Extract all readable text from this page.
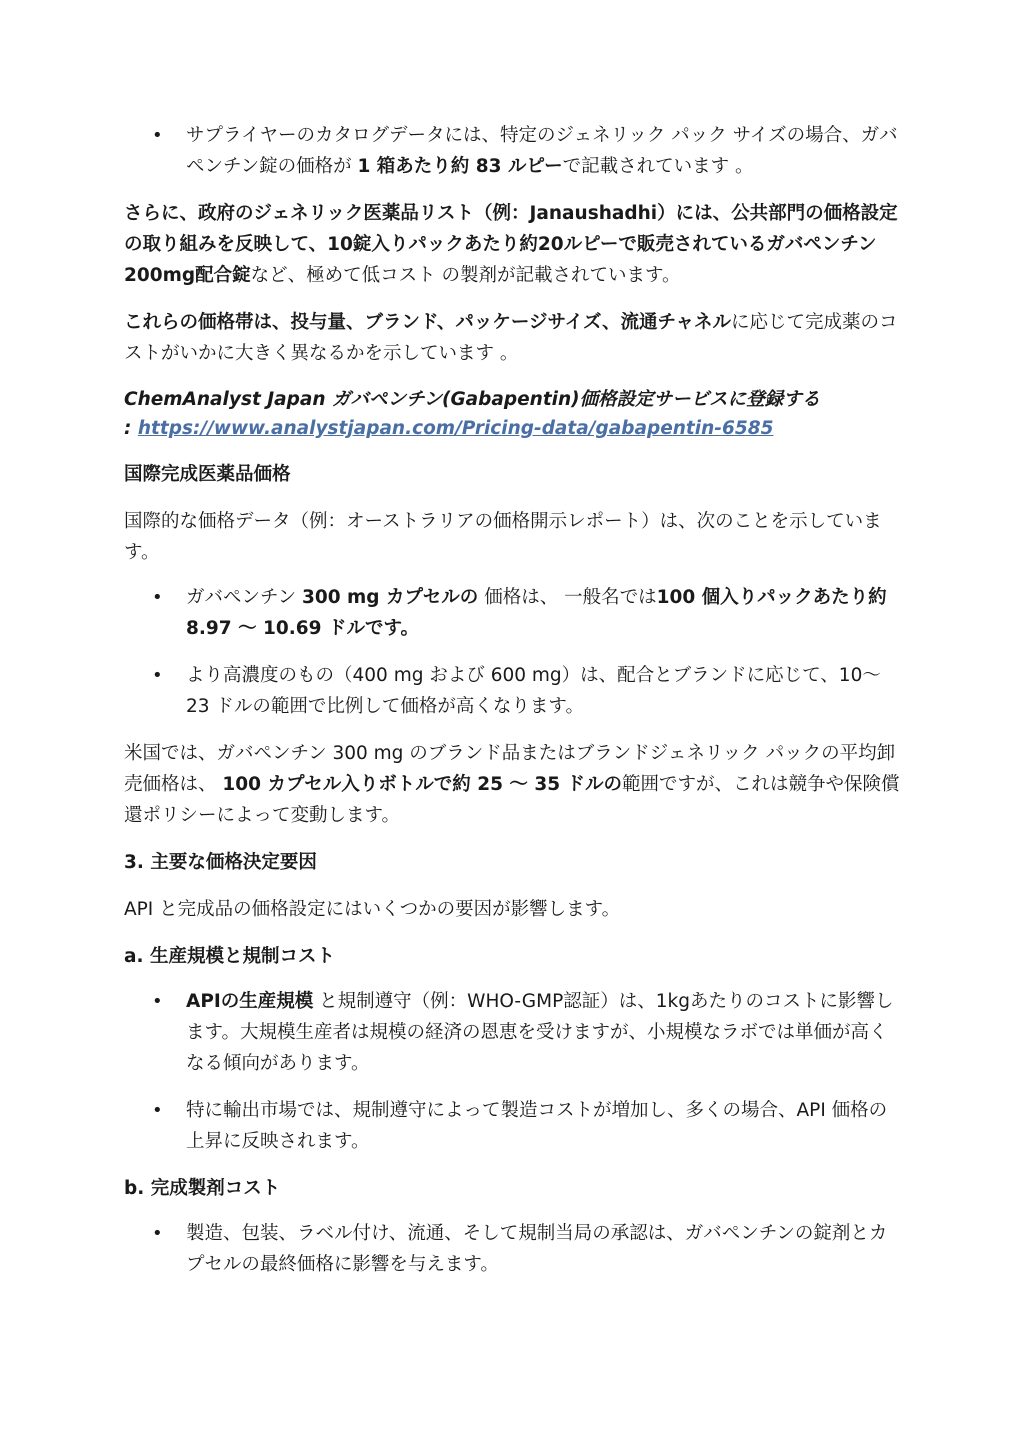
• サプライヤーのカタログデータには、特定のジェネリック パック サイズの場合、ガバペンチン錠の価格が 1 箱あたり約 83 ルピーで記載されています 。

さらに、政府のジェネリック医薬品リスト（例：Janaushadhi）には、公共部門の価格設定の取り組みを反映して、10錠入りパックあたり約20ルピーで販売されているガバペンチン200mg配合錠など、極めて低コスト の製剤が記載されています。

これらの価格帯は、投与量、ブランド、パッケージサイズ、流通チャネルに応じて完成薬のコストがいかに大きく異なるかを示しています 。

ChemAnalyst Japan ガバペンチン(Gabapentin)価格設定サービスに登録する
: https://www.analystjapan.com/Pricing-data/gabapentin-6585

国際完成医薬品価格

国際的な価格データ（例：オーストラリアの価格開示レポート）は、次のことを示しています。

• ガバペンチン 300 mg カプセルの 価格は、 一般名では100 個入りパックあたり約 8.97 〜 10.69 ドルです。
• より高濃度のもの（400 mg および 600 mg）は、配合とブランドに応じて、10〜23 ドルの範囲で比例して価格が高くなります。

米国では、ガバペンチン 300 mg のブランド品またはブランドジェネリック パックの平均卸売価格は、 100 カプセル入りボトルで約 25 〜 35 ドルの範囲ですが、これは競争や保険償還ポリシーによって変動します。

3. 主要な価格決定要因

API と完成品の価格設定にはいくつかの要因が影響します。

a. 生産規模と規制コスト

• APIの生産規模 と規制遵守（例：WHO-GMP認証）は、1kgあたりのコストに影響します。大規模生産者は規模の経済の恩恵を受けますが、小規模なラボでは単価が高くなる傾向があります。
• 特に輸出市場では、規制遵守によって製造コストが増加し、多くの場合、API 価格の上昇に反映されます。

b. 完成製剤コスト

• 製造、包装、ラベル付け、流通、そして規制当局の承認は、ガバペンチンの錠剤とカプセルの最終価格に影響を与えます。
